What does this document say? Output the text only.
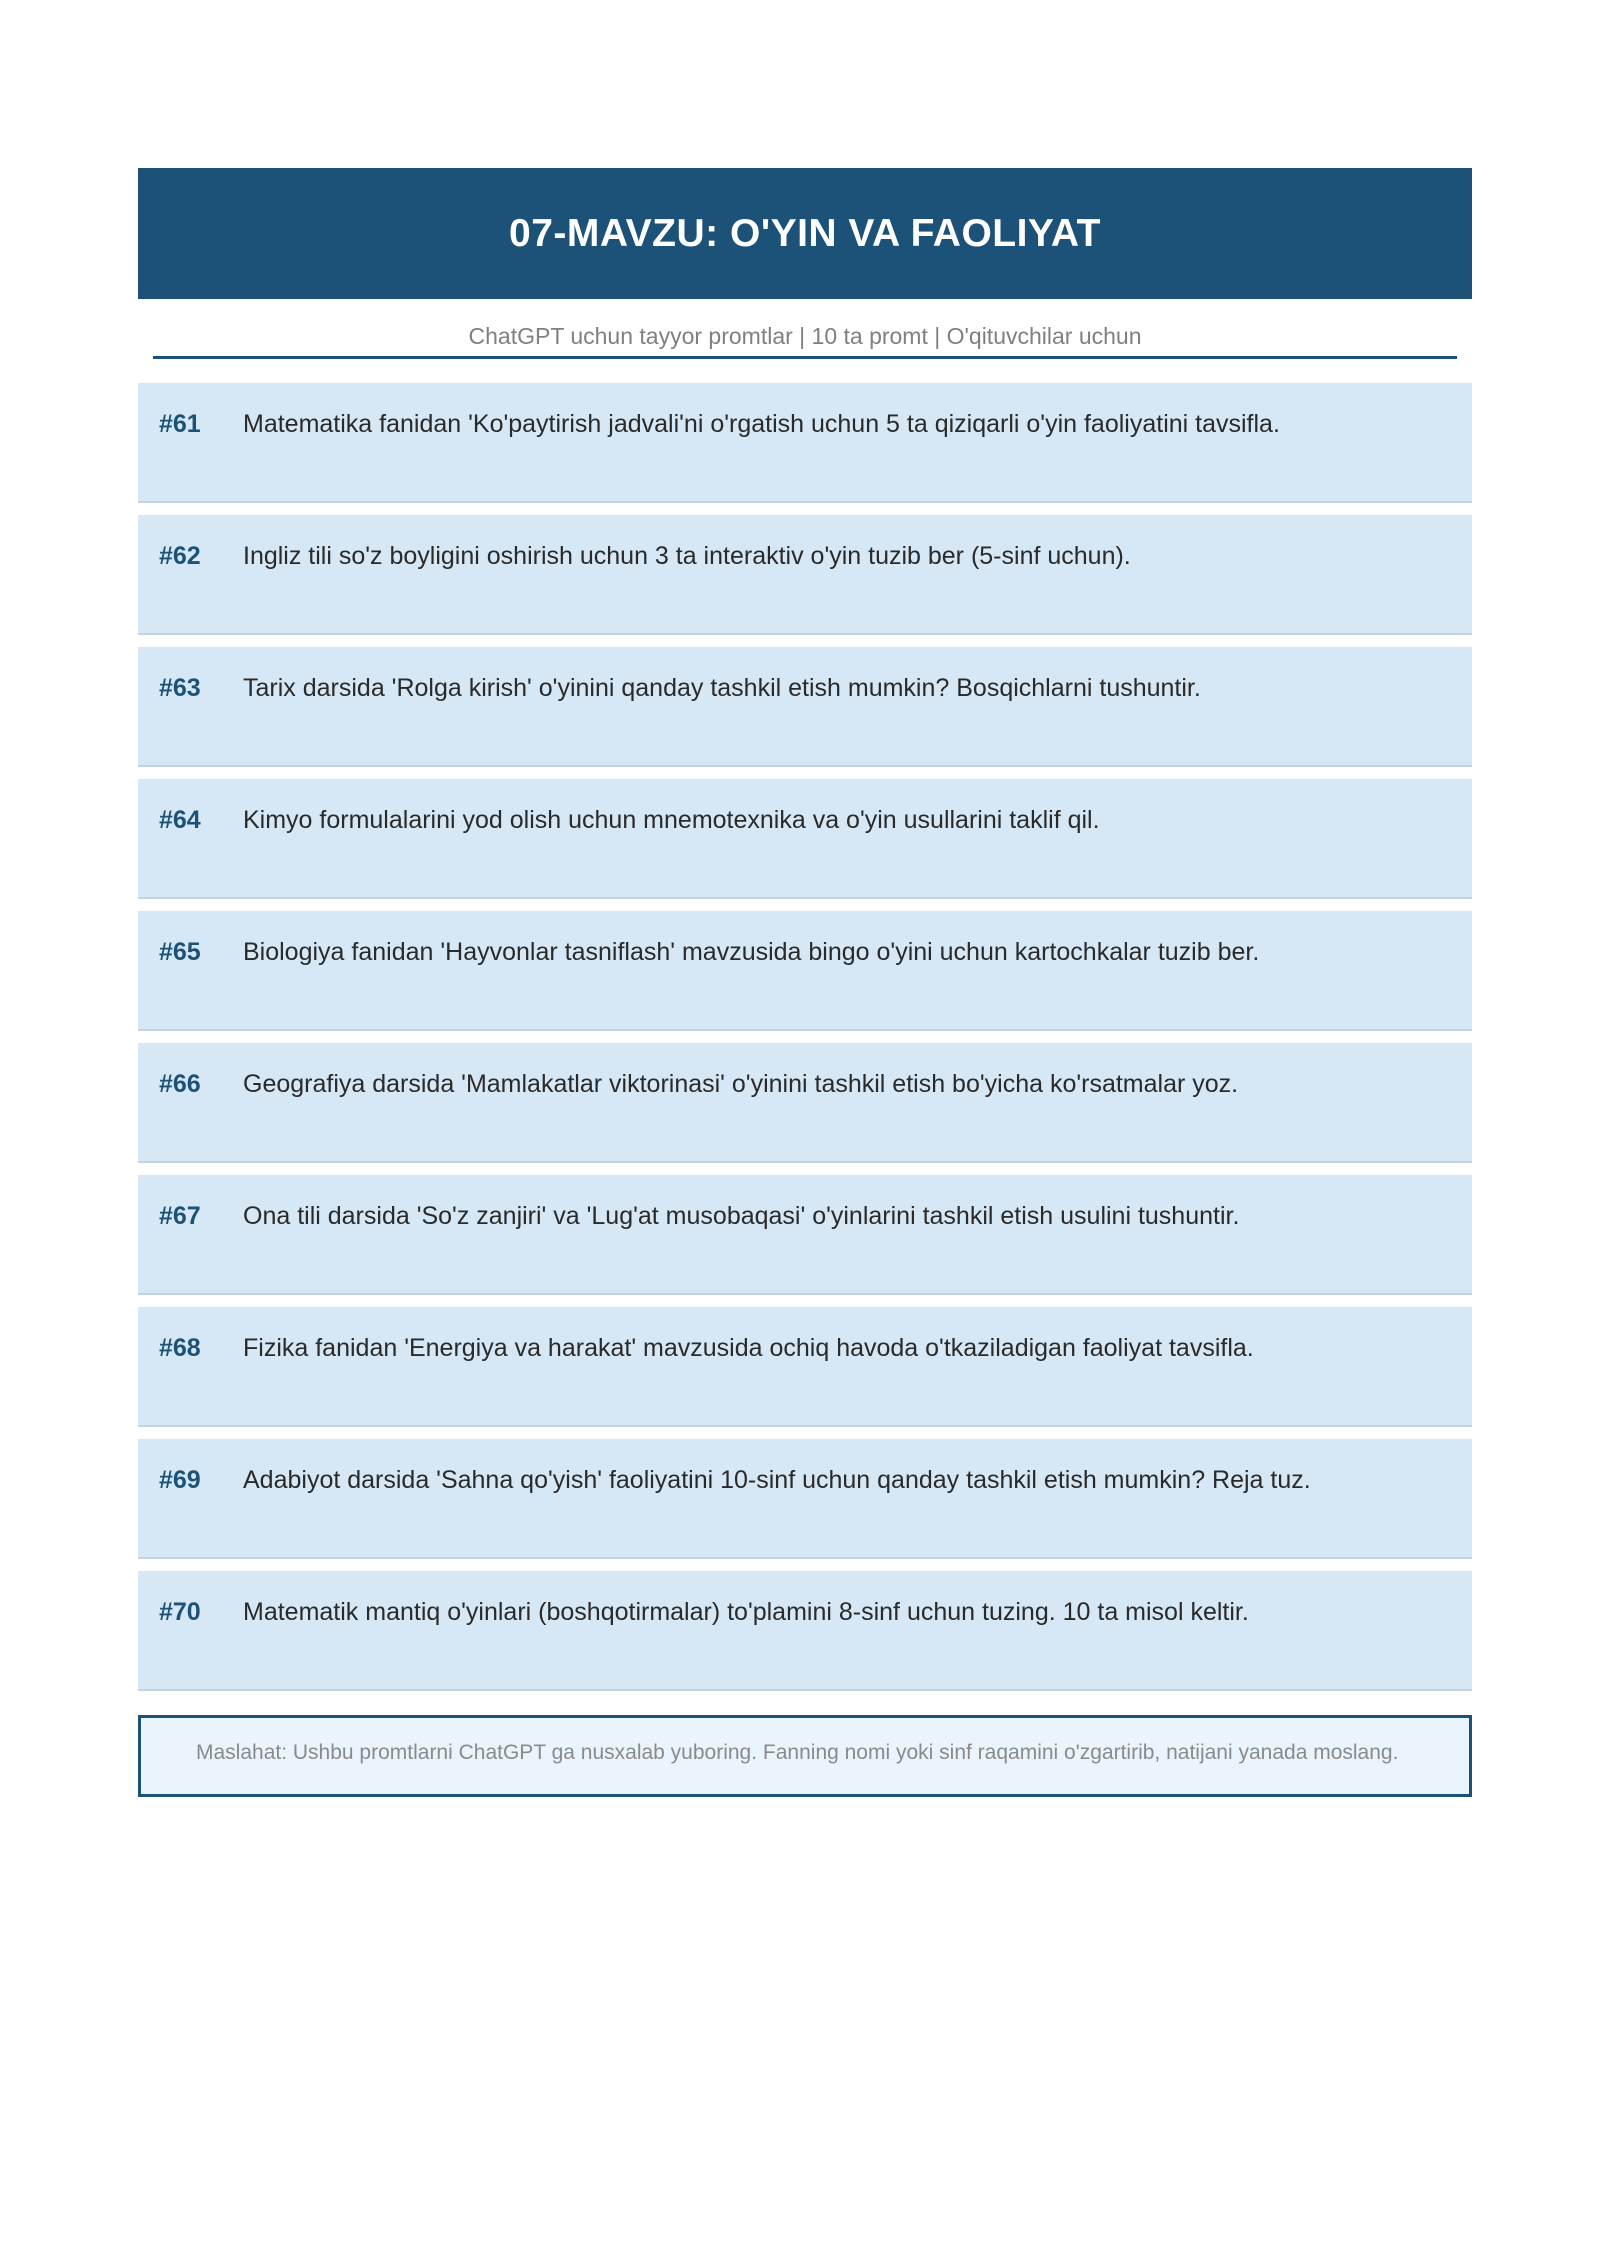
07-MAVZU: O'YIN VA FAOLIYAT
ChatGPT uchun tayyor promtlar | 10 ta promt | O'qituvchilar uchun
#61 Matematika fanidan 'Ko'paytirish jadvali'ni o'rgatish uchun 5 ta qiziqarli o'yin faoliyatini tavsifla.
#62 Ingliz tili so'z boyligini oshirish uchun 3 ta interaktiv o'yin tuzib ber (5-sinf uchun).
#63 Tarix darsida 'Rolga kirish' o'yinini qanday tashkil etish mumkin? Bosqichlarni tushuntir.
#64 Kimyo formulalarini yod olish uchun mnemotexnika va o'yin usullarini taklif qil.
#65 Biologiya fanidan 'Hayvonlar tasniflash' mavzusida bingo o'yini uchun kartochkalar tuzib ber.
#66 Geografiya darsida 'Mamlakatlar viktorinasi' o'yinini tashkil etish bo'yicha ko'rsatmalar yoz.
#67 Ona tili darsida 'So'z zanjiri' va 'Lug'at musobaqasi' o'yinlarini tashkil etish usulini tushuntir.
#68 Fizika fanidan 'Energiya va harakat' mavzusida ochiq havoda o'tkaziladigan faoliyat tavsifla.
#69 Adabiyot darsida 'Sahna qo'yish' faoliyatini 10-sinf uchun qanday tashkil etish mumkin? Reja tuz.
#70 Matematik mantiq o'yinlari (boshqotirmalar) to'plamini 8-sinf uchun tuzing. 10 ta misol keltir.
Maslahat: Ushbu promtlarni ChatGPT ga nusxalab yuboring. Fanning nomi yoki sinf raqamini o'zgartirib, natijani yanada moslang.
